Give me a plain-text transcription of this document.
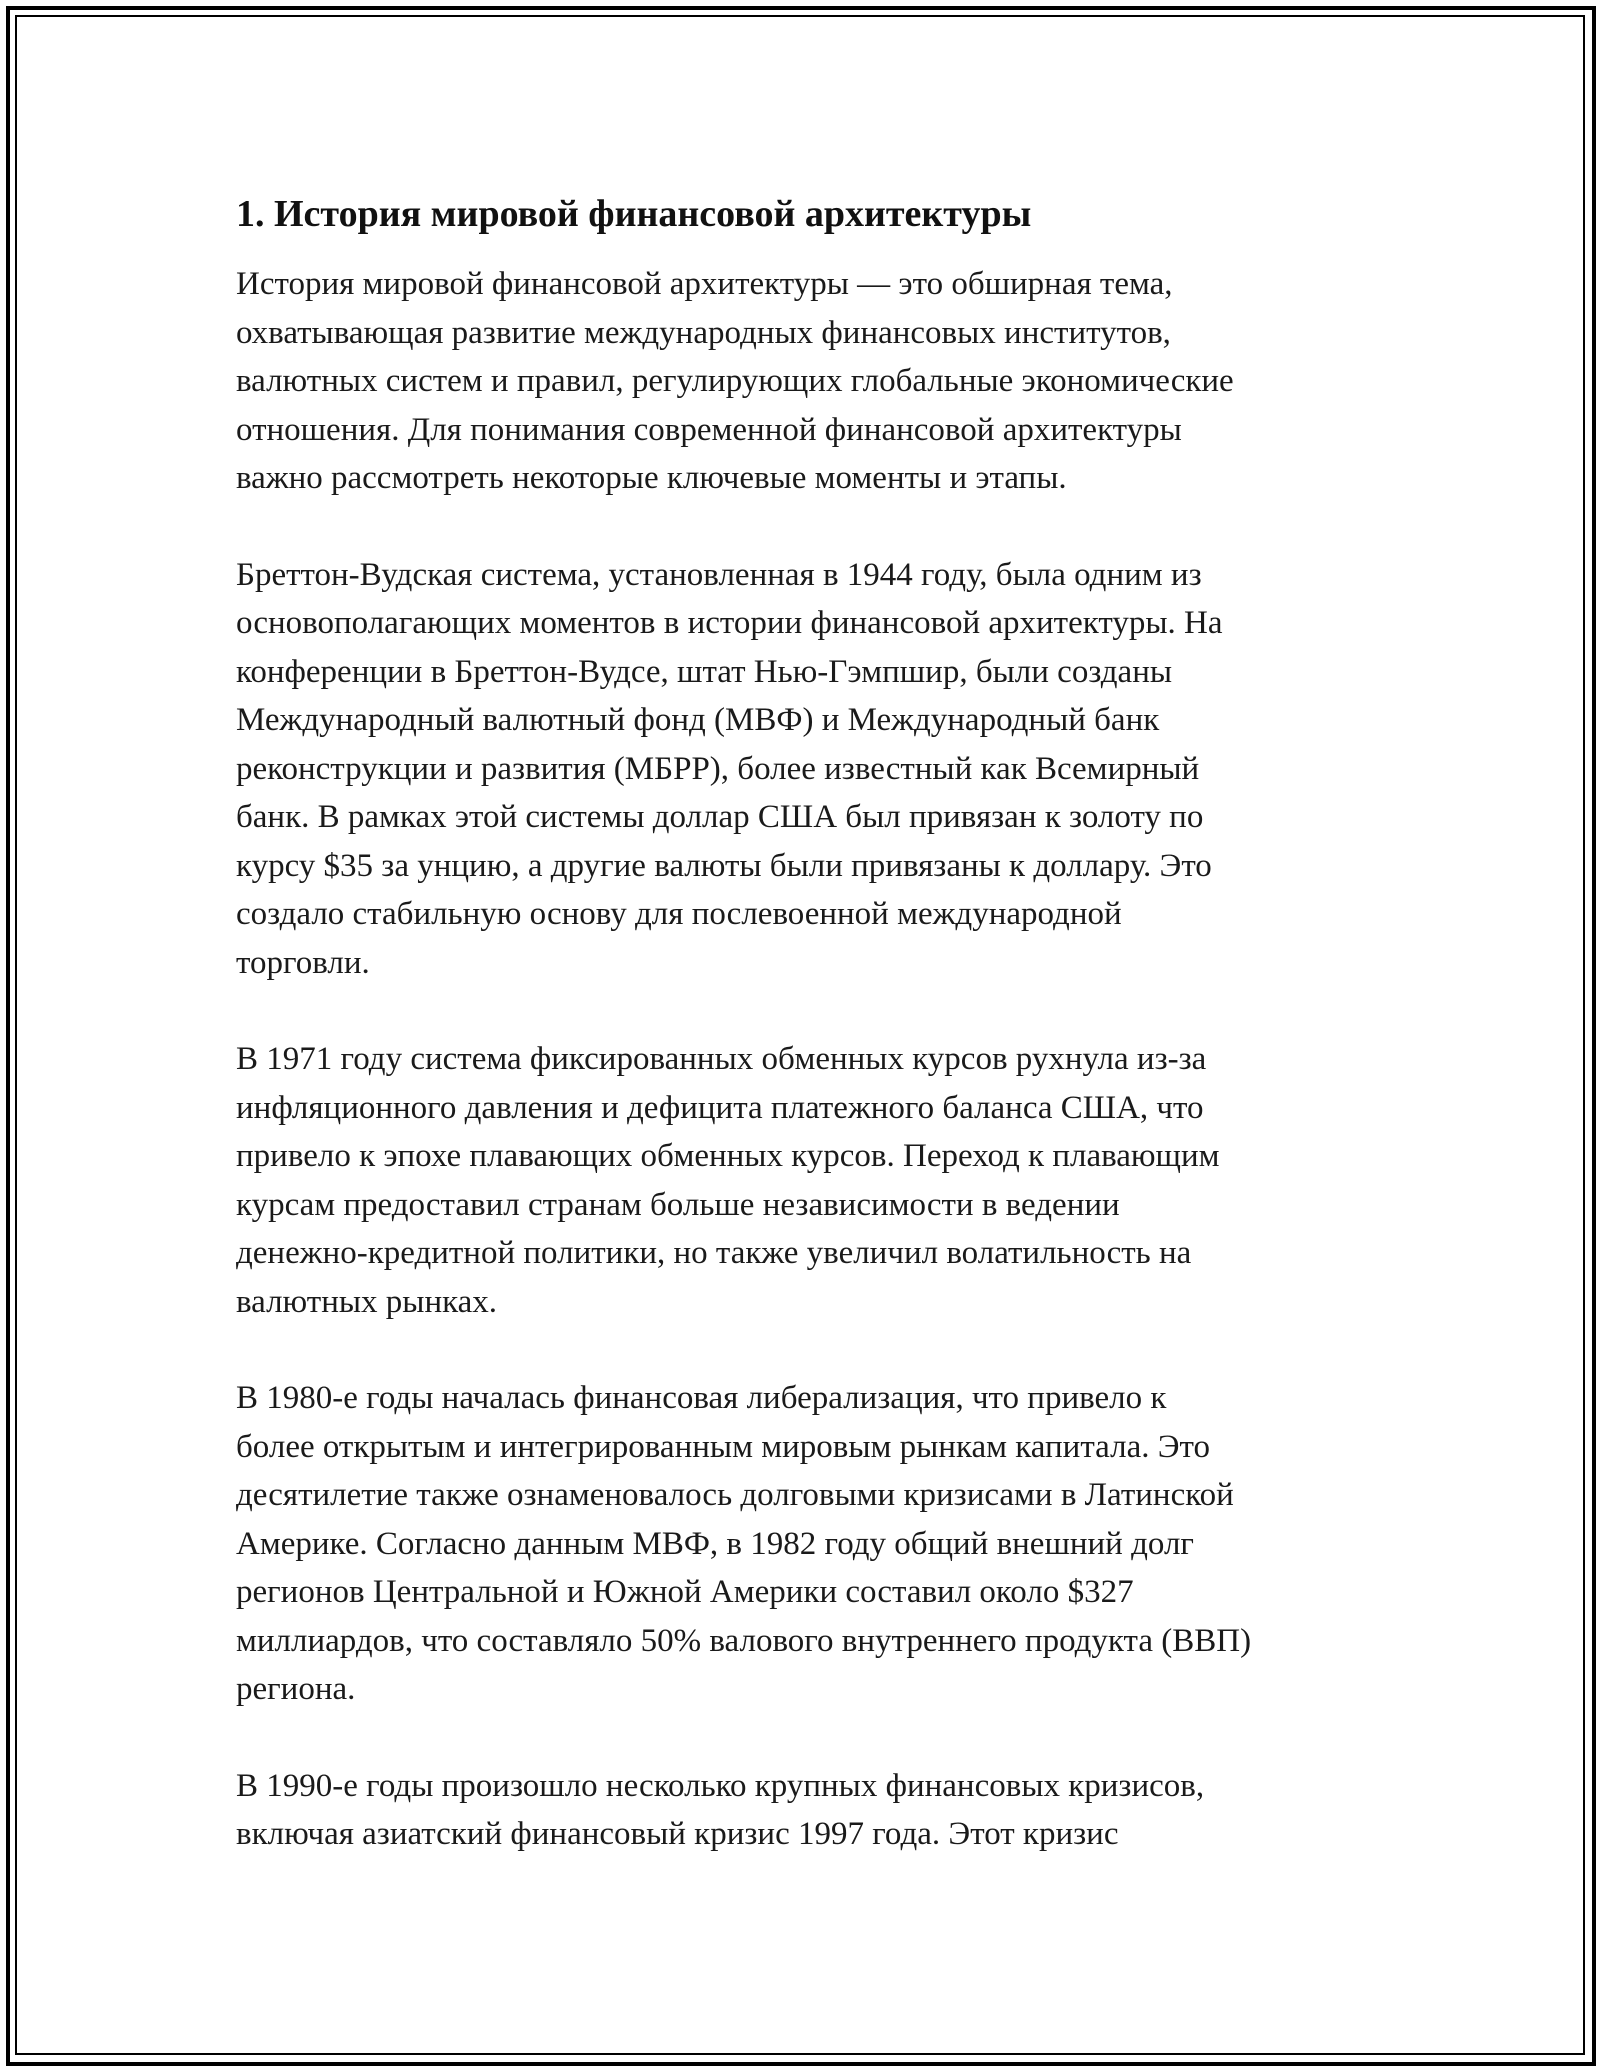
1. История мировой финансовой архитектуры

История мировой финансовой архитектуры — это обширная тема,
охватывающая развитие международных финансовых институтов,
валютных систем и правил, регулирующих глобальные экономические
отношения. Для понимания современной финансовой архитектуры
важно рассмотреть некоторые ключевые моменты и этапы.

Бреттон-Вудская система, установленная в 1944 году, была одним из
основополагающих моментов в истории финансовой архитектуры. На
конференции в Бреттон-Вудсе, штат Нью-Гэмпшир, были созданы
Международный валютный фонд (МВФ) и Международный банк
реконструкции и развития (МБРР), более известный как Всемирный
банк. В рамках этой системы доллар США был привязан к золоту по
курсу $35 за унцию, а другие валюты были привязаны к доллару. Это
создало стабильную основу для послевоенной международной
торговли.

В 1971 году система фиксированных обменных курсов рухнула из-за
инфляционного давления и дефицита платежного баланса США, что
привело к эпохе плавающих обменных курсов. Переход к плавающим
курсам предоставил странам больше независимости в ведении
денежно-кредитной политики, но также увеличил волатильность на
валютных рынках.

В 1980-е годы началась финансовая либерализация, что привело к
более открытым и интегрированным мировым рынкам капитала. Это
десятилетие также ознаменовалось долговыми кризисами в Латинской
Америке. Согласно данным МВФ, в 1982 году общий внешний долг
регионов Центральной и Южной Америки составил около $327
миллиардов, что составляло 50% валового внутреннего продукта (ВВП)
региона.

В 1990-е годы произошло несколько крупных финансовых кризисов,
включая азиатский финансовый кризис 1997 года. Этот кризис
